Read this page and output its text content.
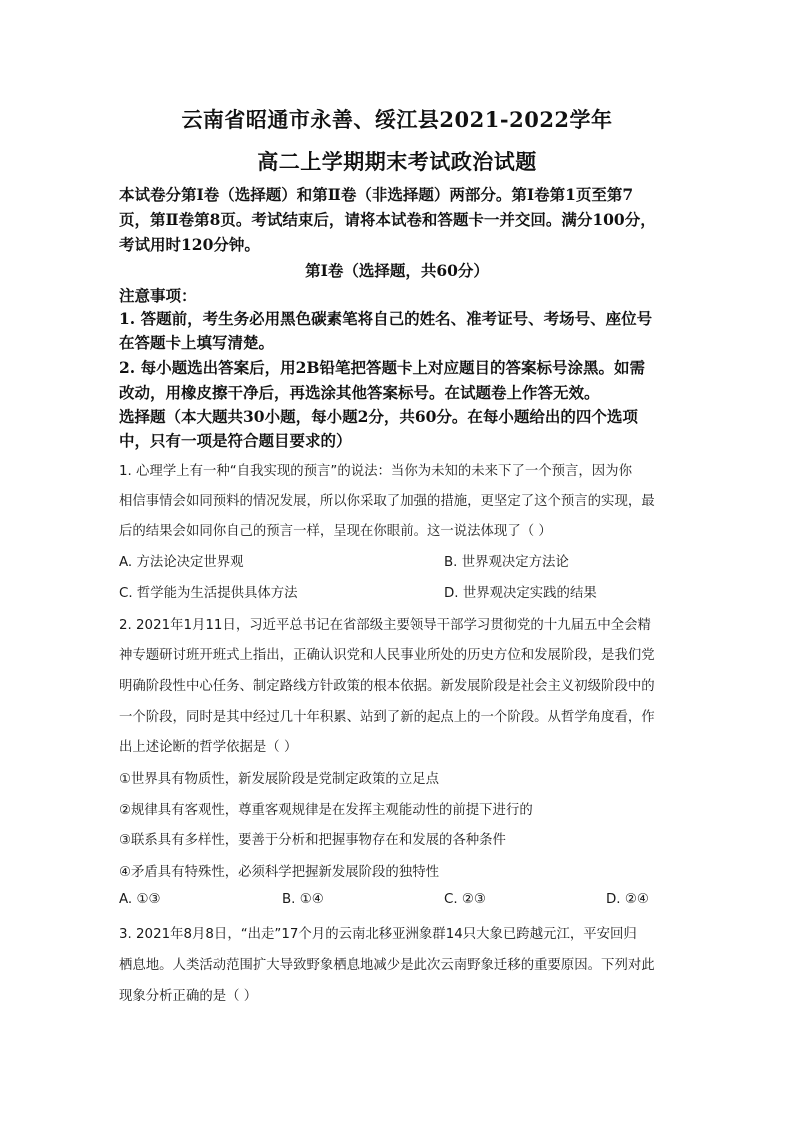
云南省昭通市永善、绥江县2021-2022学年
高二上学期期末考试政治试题
本试卷分第Ⅰ卷（选择题）和第Ⅱ卷（非选择题）两部分。第Ⅰ卷第1页至第7
页，第Ⅱ卷第8页。考试结束后，请将本试卷和答题卡一并交回。满分100分，
考试用时120分钟。
第Ⅰ卷（选择题，共60分）
注意事项：
1. 答题前，考生务必用黑色碳素笔将自己的姓名、准考证号、考场号、座位号
在答题卡上填写清楚。
2. 每小题选出答案后，用2B铅笔把答题卡上对应题目的答案标号涂黑。如需
改动，用橡皮擦干净后，再选涂其他答案标号。在试题卷上作答无效。
选择题（本大题共30小题，每小题2分，共60分。在每小题给出的四个选项
中，只有一项是符合题目要求的）
1. 心理学上有一种“自我实现的预言”的说法：当你为未知的未来下了一个预言，因为你
相信事情会如同预料的情况发展，所以你采取了加强的措施，更坚定了这个预言的实现，最
后的结果会如同你自己的预言一样，呈现在你眼前。这一说法体现了（ ）
A. 方法论决定世界观	B. 世界观决定方法论
C. 哲学能为生活提供具体方法	D. 世界观决定实践的结果
2. 2021年1月11日，习近平总书记在省部级主要领导干部学习贯彻党的十九届五中全会精
神专题研讨班开班式上指出，正确认识党和人民事业所处的历史方位和发展阶段，是我们党
明确阶段性中心任务、制定路线方针政策的根本依据。新发展阶段是社会主义初级阶段中的
一个阶段，同时是其中经过几十年积累、站到了新的起点上的一个阶段。从哲学角度看，作
出上述论断的哲学依据是（ ）
①世界具有物质性，新发展阶段是党制定政策的立足点
②规律具有客观性，尊重客观规律是在发挥主观能动性的前提下进行的
③联系具有多样性，要善于分析和把握事物存在和发展的各种条件
④矛盾具有特殊性，必须科学把握新发展阶段的独特性
A. ①③	B. ①④	C. ②③	D. ②④
3. 2021年8月8日，“出走”17个月的云南北移亚洲象群14只大象已跨越元江，平安回归
栖息地。人类活动范围扩大导致野象栖息地减少是此次云南野象迁移的重要原因。下列对此
现象分析正确的是（ ）
